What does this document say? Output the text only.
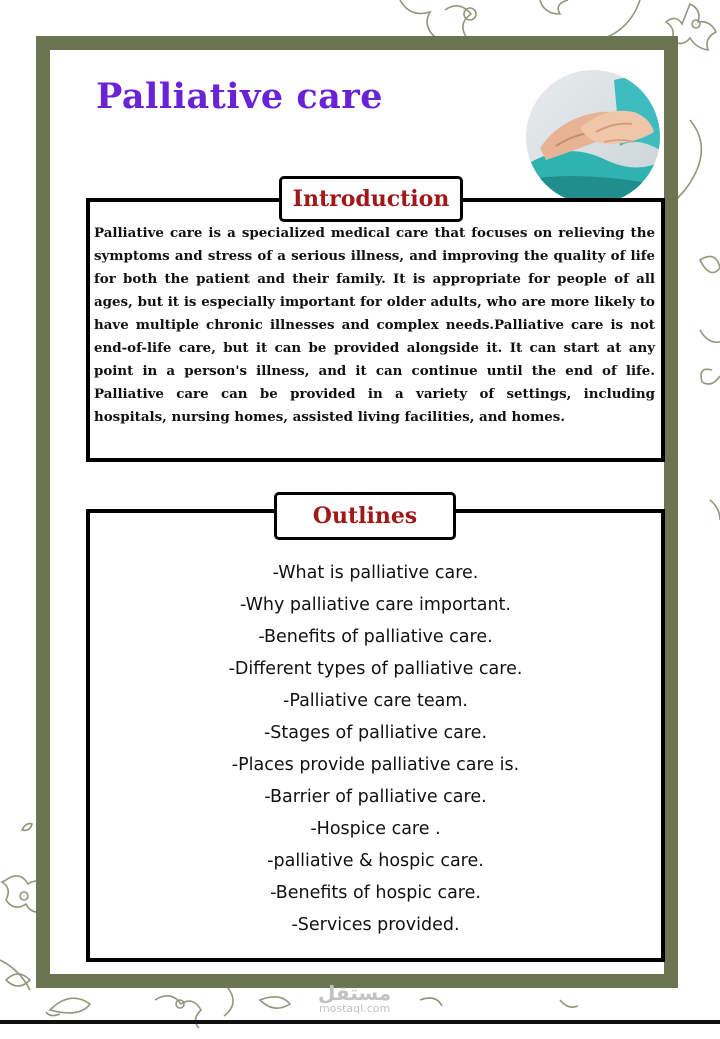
Palliative care

Palliative care is a specialized medical care that focuses on relieving the symptoms and stress of a serious illness, and improving the quality of life for both the patient and their family. It is appropriate for people of all ages, but it is especially important for older adults, who are more likely to have multiple chronic illnesses and complex needs.Palliative care is not end-of-life care, but it can be provided alongside it. It can start at any point in a person's illness, and it can continue until the end of life. Palliative care can be provided in a variety of settings, including hospitals, nursing homes, assisted living facilities, and homes.

Introduction
-What is palliative care.
-Why palliative care important.
-Benefits of palliative care.
-Different types of palliative care.
-Palliative care team.
-Stages of palliative care.
-Places provide palliative care is.
-Barrier of palliative care.
-Hospice care .
-palliative & hospic care.
-Benefits of hospic care.
-Services provided.
Outlines
مستقل
mostaql.com
